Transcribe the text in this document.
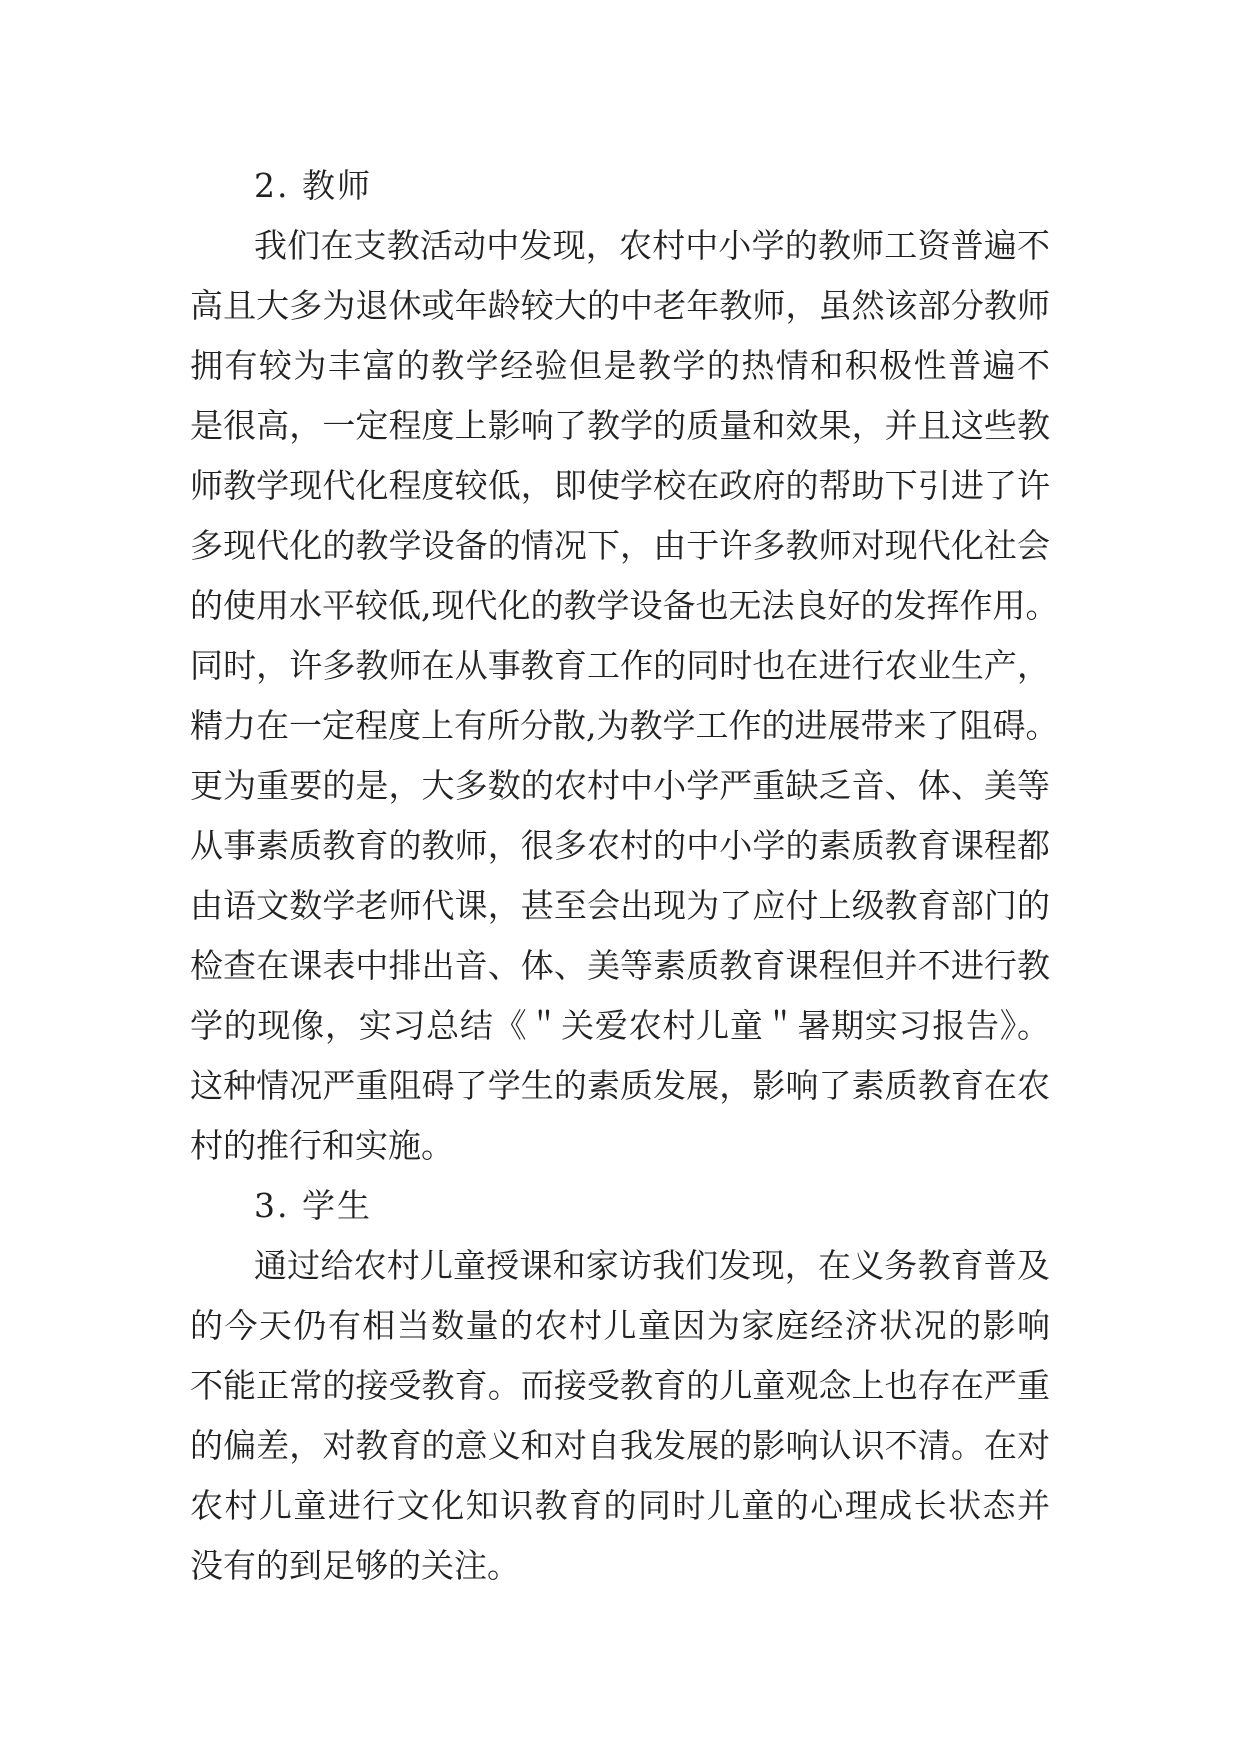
2. 教师
我们在支教活动中发现，农村中小学的教师工资普遍不
高且大多为退休或年龄较大的中老年教师，虽然该部分教师
拥有较为丰富的教学经验但是教学的热情和积极性普遍不
是很高，一定程度上影响了教学的质量和效果，并且这些教
师教学现代化程度较低，即使学校在政府的帮助下引进了许
多现代化的教学设备的情况下，由于许多教师对现代化社会
的使用水平较低,现代化的教学设备也无法良好的发挥作用。
同时，许多教师在从事教育工作的同时也在进行农业生产，
精力在一定程度上有所分散,为教学工作的进展带来了阻碍。
更为重要的是，大多数的农村中小学严重缺乏音、体、美等
从事素质教育的教师，很多农村的中小学的素质教育课程都
由语文数学老师代课，甚至会出现为了应付上级教育部门的
检查在课表中排出音、体、美等素质教育课程但并不进行教
学的现像，实习总结《＂关爱农村儿童＂暑期实习报告》。
这种情况严重阻碍了学生的素质发展，影响了素质教育在农
村的推行和实施。
3. 学生
通过给农村儿童授课和家访我们发现，在义务教育普及
的今天仍有相当数量的农村儿童因为家庭经济状况的影响
不能正常的接受教育。而接受教育的儿童观念上也存在严重
的偏差，对教育的意义和对自我发展的影响认识不清。在对
农村儿童进行文化知识教育的同时儿童的心理成长状态并
没有的到足够的关注。
